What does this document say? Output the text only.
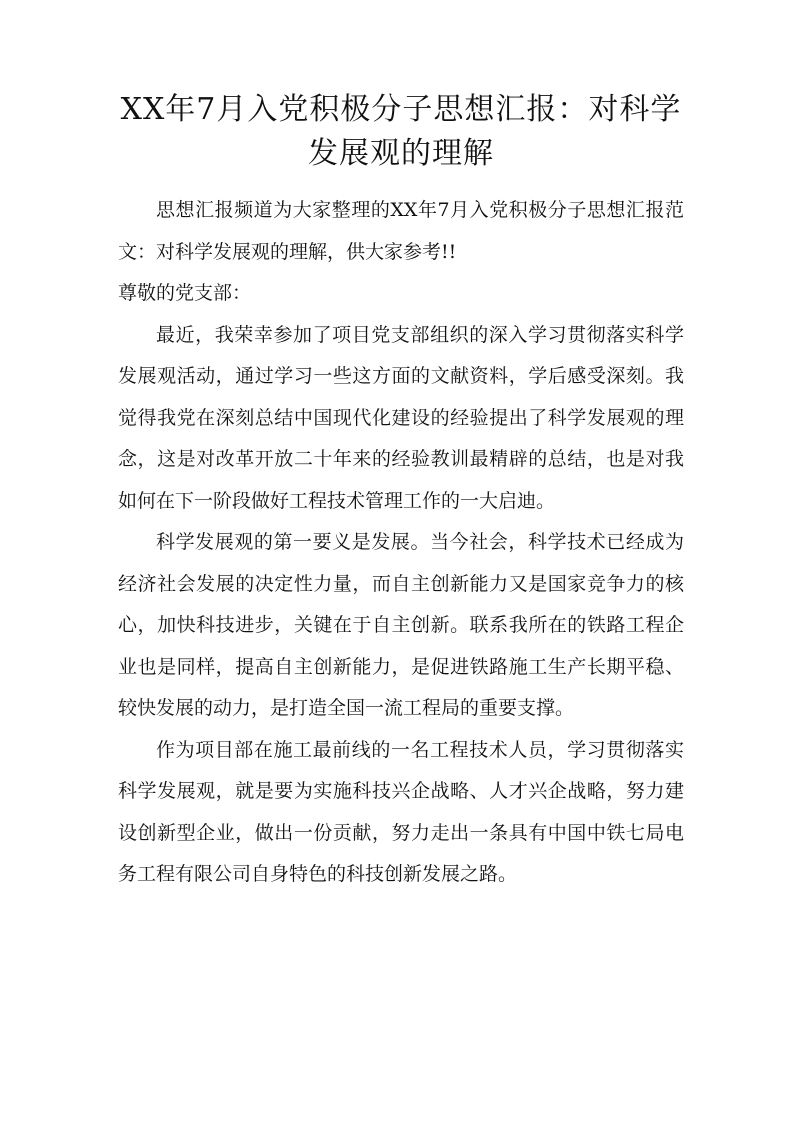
XX年7月入党积极分子思想汇报：对科学发展观的理解

思想汇报频道为大家整理的XX年7月入党积极分子思想汇报范文：对科学发展观的理解，供大家参考!!

尊敬的党支部：

最近，我荣幸参加了项目党支部组织的深入学习贯彻落实科学发展观活动，通过学习一些这方面的文献资料，学后感受深刻。我觉得我党在深刻总结中国现代化建设的经验提出了科学发展观的理念，这是对改革开放二十年来的经验教训最精辟的总结，也是对我如何在下一阶段做好工程技术管理工作的一大启迪。

科学发展观的第一要义是发展。当今社会，科学技术已经成为经济社会发展的决定性力量，而自主创新能力又是国家竞争力的核心，加快科技进步，关键在于自主创新。联系我所在的铁路工程企业也是同样，提高自主创新能力，是促进铁路施工生产长期平稳、较快发展的动力，是打造全国一流工程局的重要支撑。

作为项目部在施工最前线的一名工程技术人员，学习贯彻落实科学发展观，就是要为实施科技兴企战略、人才兴企战略，努力建设创新型企业，做出一份贡献，努力走出一条具有中国中铁七局电务工程有限公司自身特色的科技创新发展之路。
